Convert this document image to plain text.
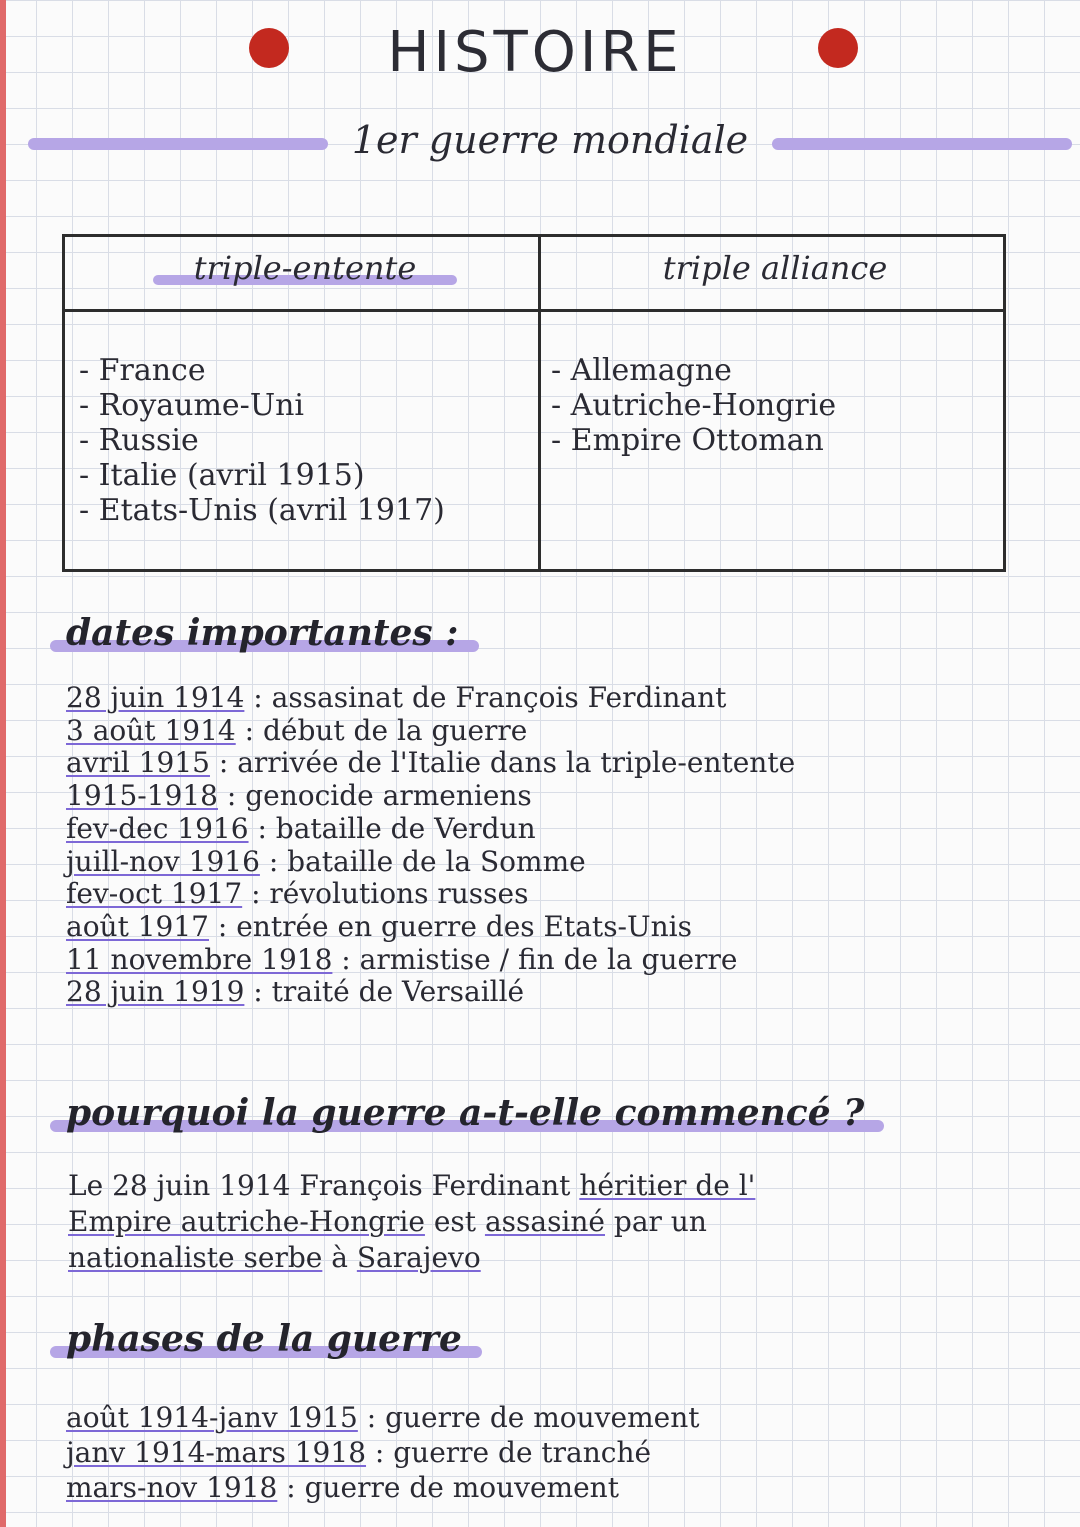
HISTOIRE
1er guerre mondiale
triple-entente	triple alliance
- France
- Royaume-Uni
- Russie
- Italie (avril 1915)
- Etats-Unis (avril 1917)
- Allemagne
- Autriche-Hongrie
- Empire Ottoman
dates importantes :
28 juin 1914 : assasinat de François Ferdinant
3 août 1914 : début de la guerre
avril 1915 : arrivée de l'Italie dans la triple-entente
1915-1918 : genocide armeniens
fev-dec 1916 : bataille de Verdun
juill-nov 1916 : bataille de la Somme
fev-oct 1917 : révolutions russes
août 1917 : entrée en guerre des Etats-Unis
11 novembre 1918 : armistise / fin de la guerre
28 juin 1919 : traité de Versaillé
pourquoi la guerre a-t-elle commencé ?
Le 28 juin 1914 François Ferdinant héritier de l'
Empire autriche-Hongrie est assasiné par un
nationaliste serbe à Sarajevo
phases de la guerre
août 1914-janv 1915 : guerre de mouvement
janv 1914-mars 1918 : guerre de tranché
mars-nov 1918 : guerre de mouvement
